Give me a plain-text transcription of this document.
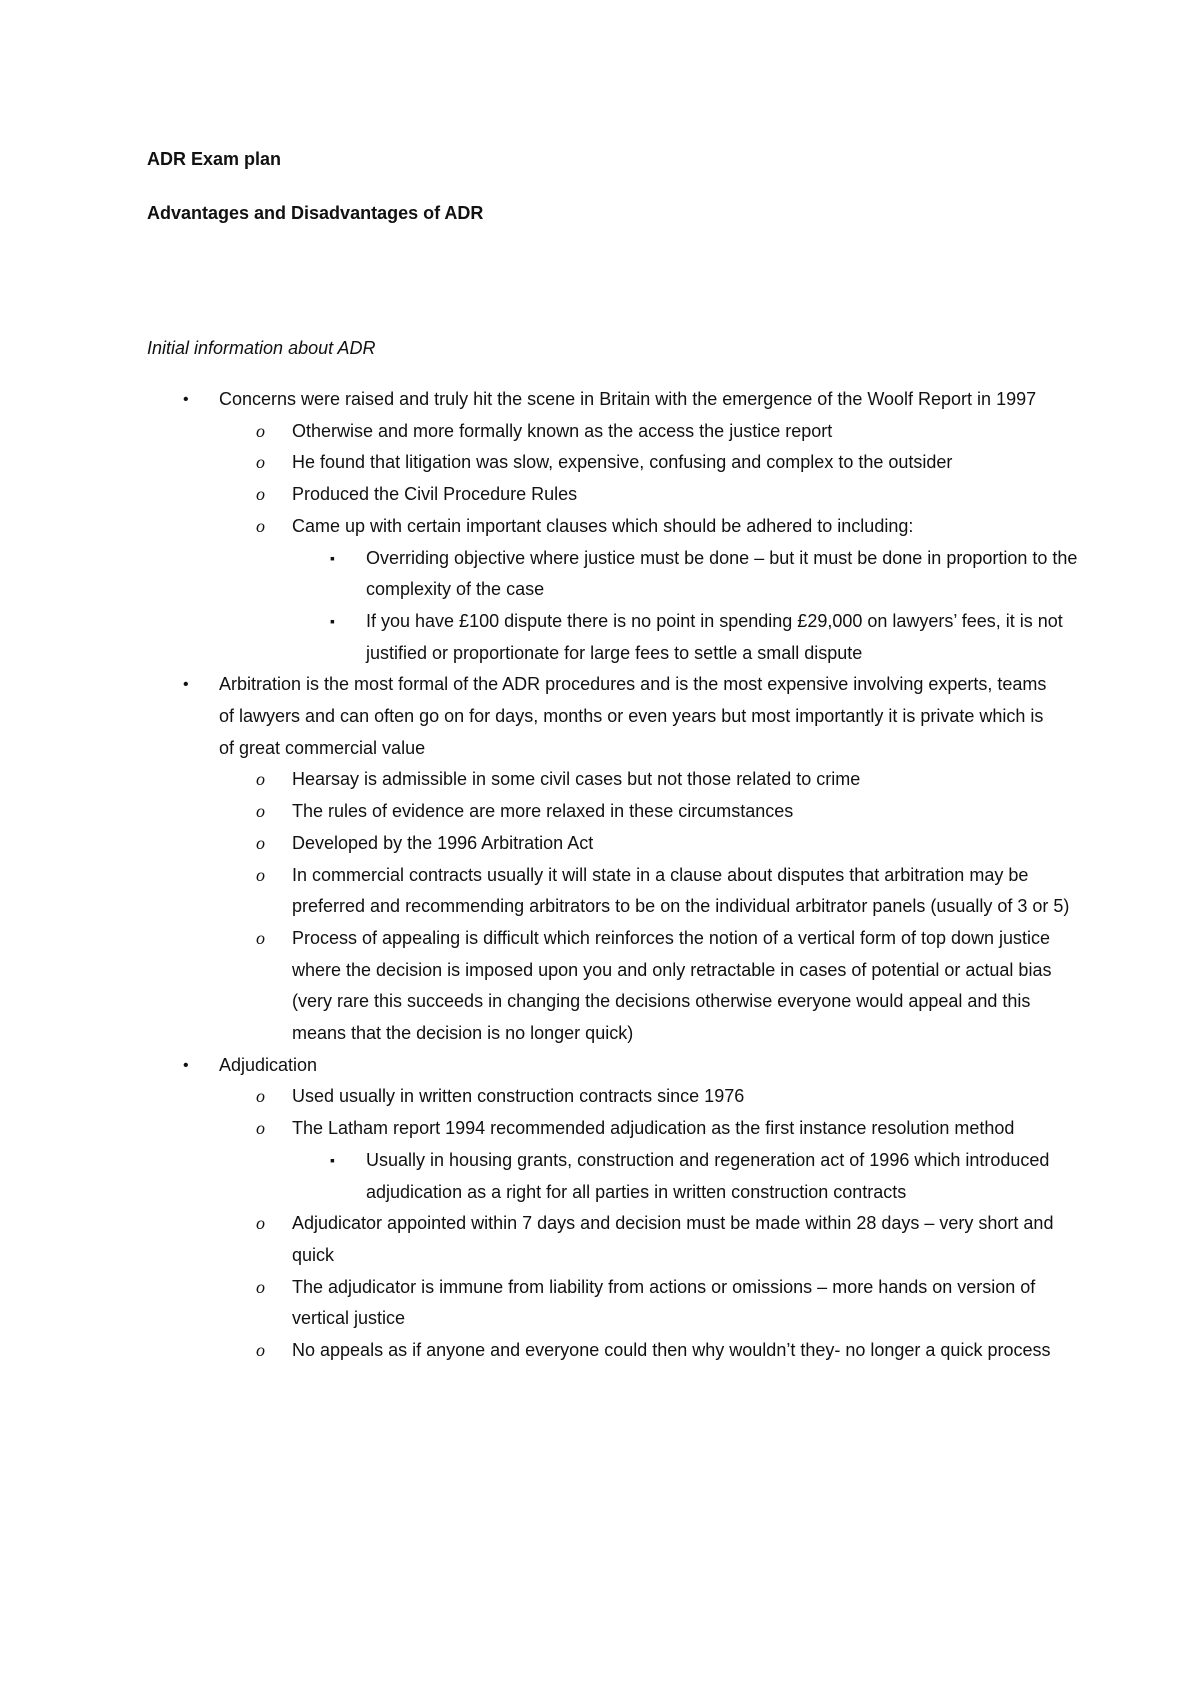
ADR Exam plan

Advantages and Disadvantages of ADR

Initial information about ADR

• Concerns were raised and truly hit the scene in Britain with the emergence of the Woolf Report in 1997
o Otherwise and more formally known as the access the justice report
o He found that litigation was slow, expensive, confusing and complex to the outsider
o Produced the Civil Procedure Rules
o Came up with certain important clauses which should be adhered to including:
▪ Overriding objective where justice must be done – but it must be done in proportion to the complexity of the case
▪ If you have £100 dispute there is no point in spending £29,000 on lawyers’ fees, it is not justified or proportionate for large fees to settle a small dispute
• Arbitration is the most formal of the ADR procedures and is the most expensive involving experts, teams of lawyers and can often go on for days, months or even years but most importantly it is private which is of great commercial value
o Hearsay is admissible in some civil cases but not those related to crime
o The rules of evidence are more relaxed in these circumstances
o Developed by the 1996 Arbitration Act
o In commercial contracts usually it will state in a clause about disputes that arbitration may be preferred and recommending arbitrators to be on the individual arbitrator panels (usually of 3 or 5)
o Process of appealing is difficult which reinforces the notion of a vertical form of top down justice where the decision is imposed upon you and only retractable in cases of potential or actual bias (very rare this succeeds in changing the decisions otherwise everyone would appeal and this means that the decision is no longer quick)
• Adjudication
o Used usually in written construction contracts since 1976
o The Latham report 1994 recommended adjudication as the first instance resolution method
▪ Usually in housing grants, construction and regeneration act of 1996 which introduced adjudication as a right for all parties in written construction contracts
o Adjudicator appointed within 7 days and decision must be made within 28 days – very short and quick
o The adjudicator is immune from liability from actions or omissions – more hands on version of vertical justice
o No appeals as if anyone and everyone could then why wouldn’t they- no longer a quick process
